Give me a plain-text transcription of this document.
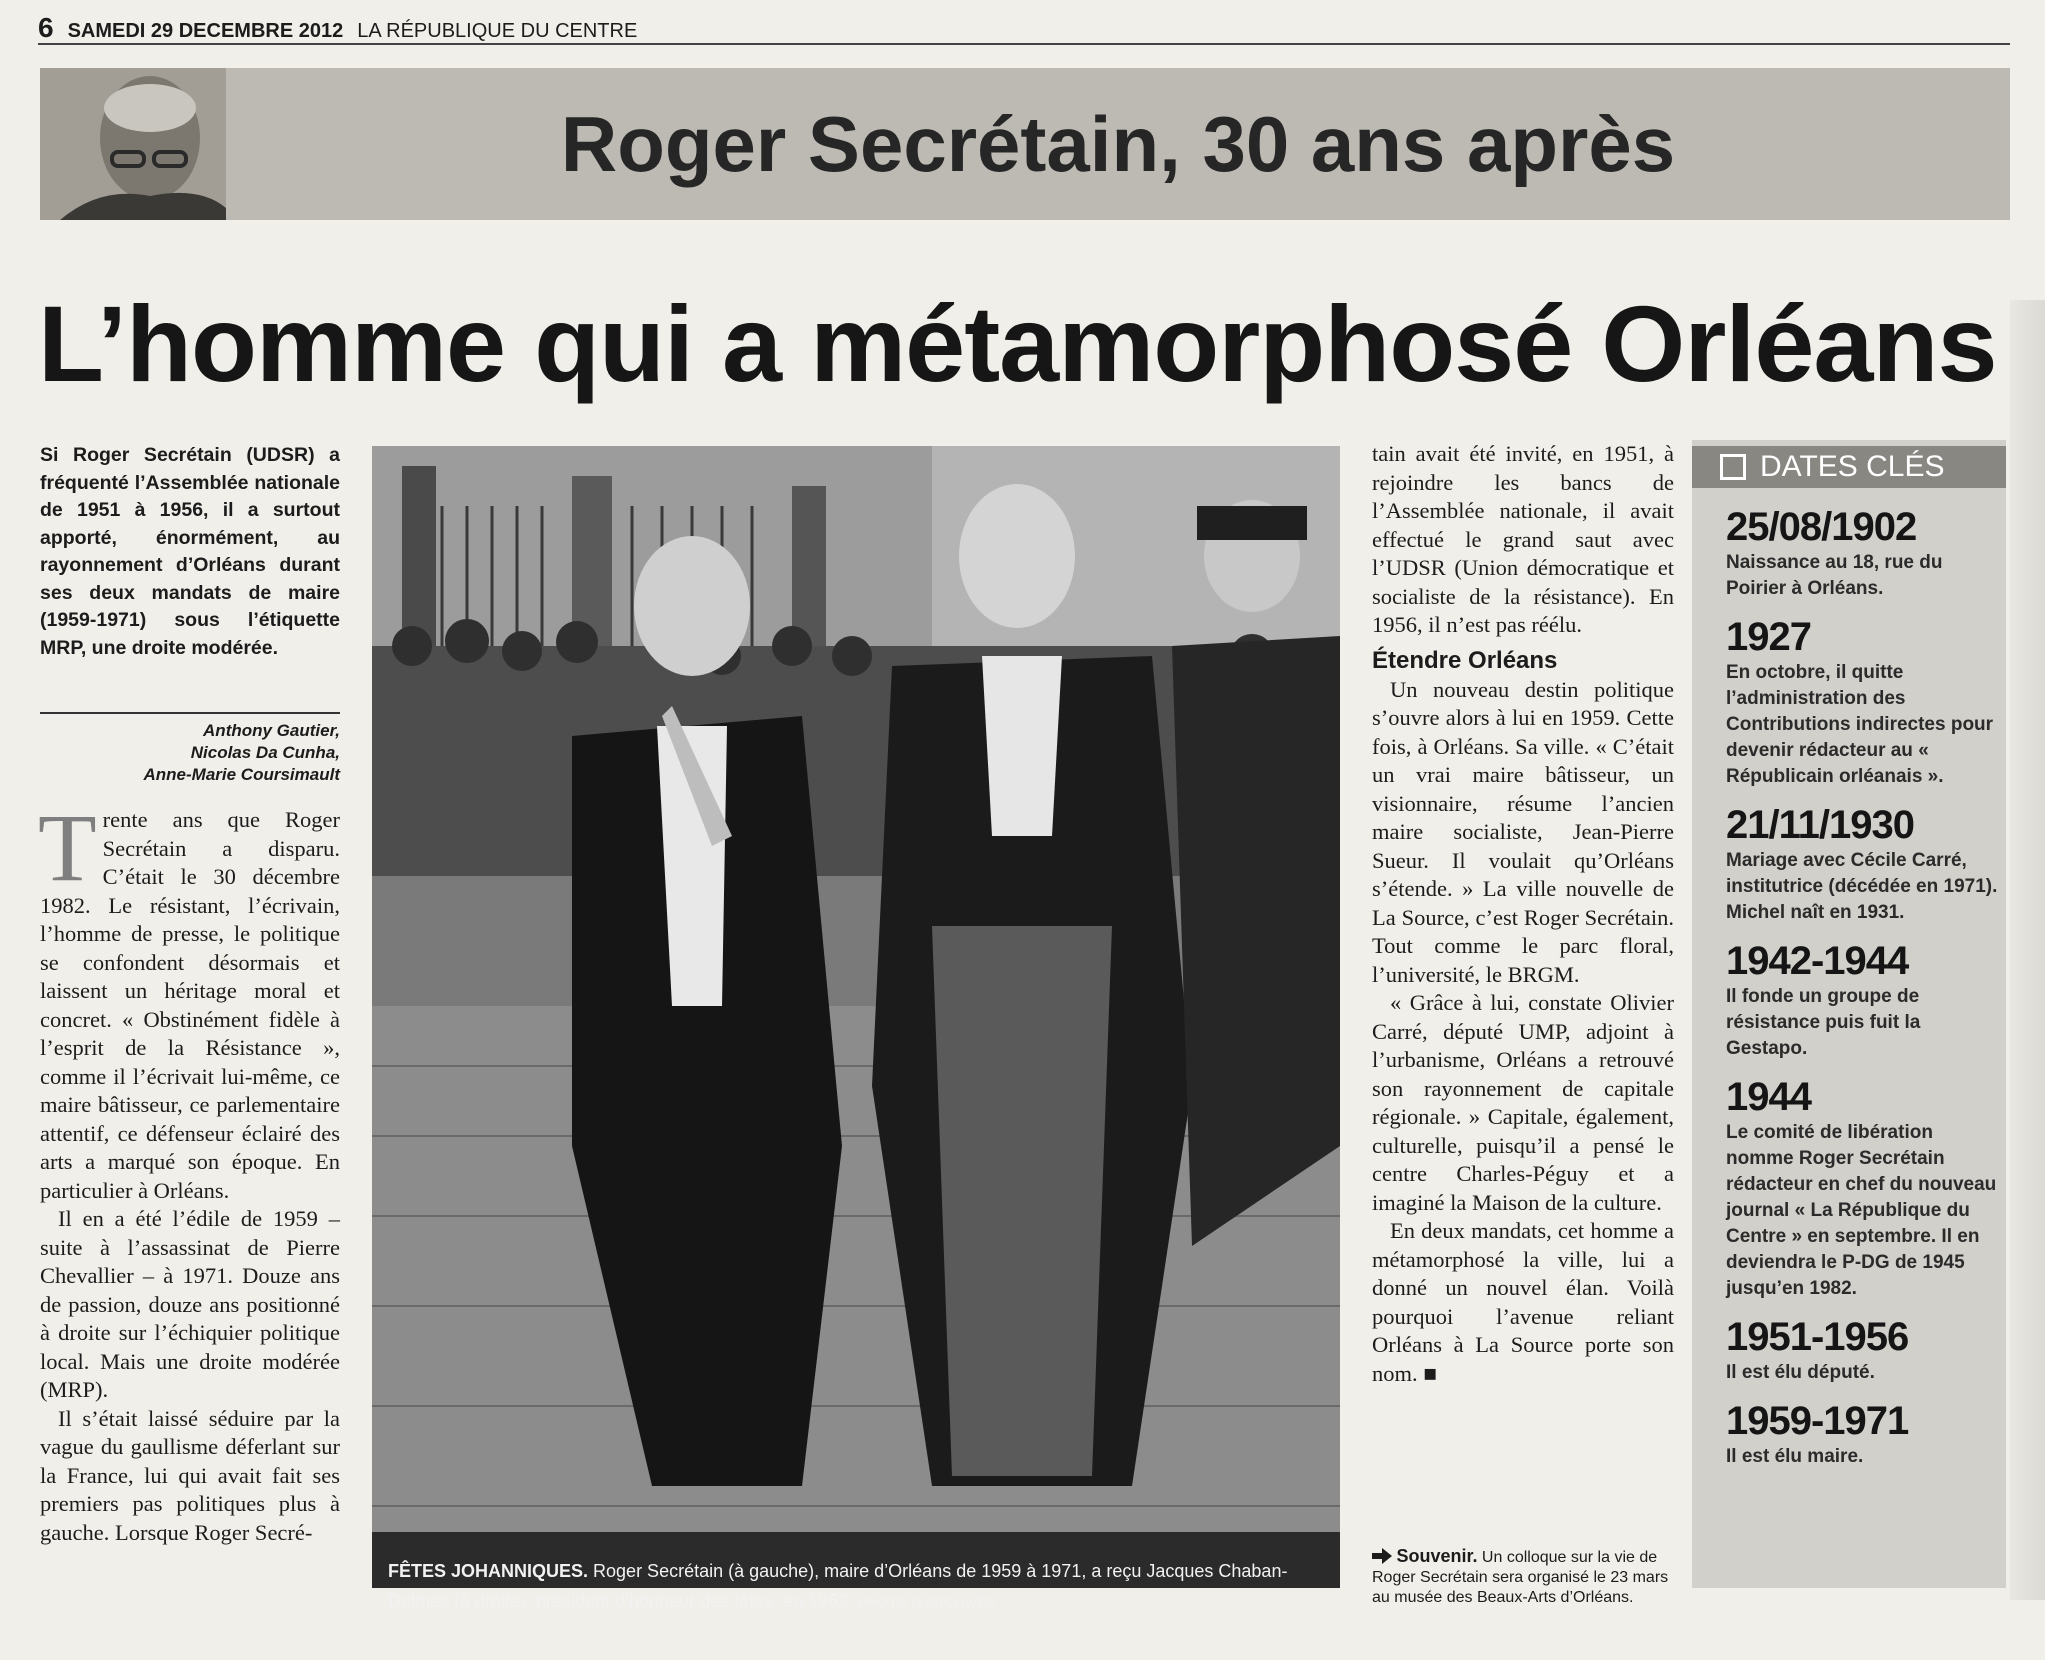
6 SAMEDI 29 DECEMBRE 2012 LA RÉPUBLIQUE DU CENTRE
Roger Secrétain, 30 ans après
L’homme qui a métamorphosé Orléans
Si Roger Secrétain (UDSR) a fréquenté l’Assemblée nationale de 1951 à 1956, il a surtout apporté, énormément, au rayonnement d’Orléans durant ses deux mandats de maire (1959-1971) sous l’étiquette MRP, une droite modérée.
Anthony Gautier,
Nicolas Da Cunha,
Anne-Marie Coursimault

Trente ans que Roger Secrétain a disparu. C’était le 30 décembre 1982. Le résistant, l’écrivain, l’homme de presse, le politique se confondent désormais et laissent un héritage moral et concret. « Obstinément fidèle à l’esprit de la Résistance », comme il l’écrivait lui-même, ce maire bâtisseur, ce parlementaire attentif, ce défenseur éclairé des arts a marqué son époque. En particulier à Orléans.

Il en a été l’édile de 1959 – suite à l’assassinat de Pierre Chevallier – à 1971. Douze ans de passion, douze ans positionné à droite sur l’échiquier politique local. Mais une droite modérée (MRP).

Il s’était laissé séduire par la vague du gaullisme déferlant sur la France, lui qui avait fait ses premiers pas politiques plus à gauche. Lorsque Roger Secré-

FÊTES JOHANNIQUES. Roger Secrétain (à gauche), maire d’Orléans de 1959 à 1971, a reçu Jacques Chaban-Delmas (à droite), président d’honneur des fêtes, en 1962. PHOTO D’ARCHIVES

tain avait été invité, en 1951, à rejoindre les bancs de l’Assemblée nationale, il avait effectué le grand saut avec l’UDSR (Union démocratique et socialiste de la résistance). En 1956, il n’est pas réélu.

Étendre Orléans

Un nouveau destin politique s’ouvre alors à lui en 1959. Cette fois, à Orléans. Sa ville. « C’était un vrai maire bâtisseur, un visionnaire, résume l’ancien maire socialiste, Jean-Pierre Sueur. Il voulait qu’Orléans s’étende. » La ville nouvelle de La Source, c’est Roger Secrétain. Tout comme le parc floral, l’université, le BRGM.

« Grâce à lui, constate Olivier Carré, député UMP, adjoint à l’urbanisme, Orléans a retrouvé son rayonnement de capitale régionale. » Capitale, également, culturelle, puisqu’il a pensé le centre Charles-Péguy et a imaginé la Maison de la culture.

En deux mandats, cet homme a métamorphosé la ville, lui a donné un nouvel élan. Voilà pourquoi l’avenue reliant Orléans à La Source porte son nom. ■

Souvenir. Un colloque sur la vie de Roger Secrétain sera organisé le 23 mars au musée des Beaux-Arts d’Orléans.
DATES CLÉS
25/08/1902
Naissance au 18, rue du Poirier à Orléans.
1927
En octobre, il quitte l’administration des Contributions indirectes pour devenir rédacteur au « Républicain orléanais ».
21/11/1930
Mariage avec Cécile Carré, institutrice (décédée en 1971). Michel naît en 1931.
1942-1944
Il fonde un groupe de résistance puis fuit la Gestapo.
1944
Le comité de libération nomme Roger Secrétain rédacteur en chef du nouveau journal « La République du Centre » en septembre. Il en deviendra le P-DG de 1945 jusqu’en 1982.
1951-1956
Il est élu député.
1959-1971
Il est élu maire.
